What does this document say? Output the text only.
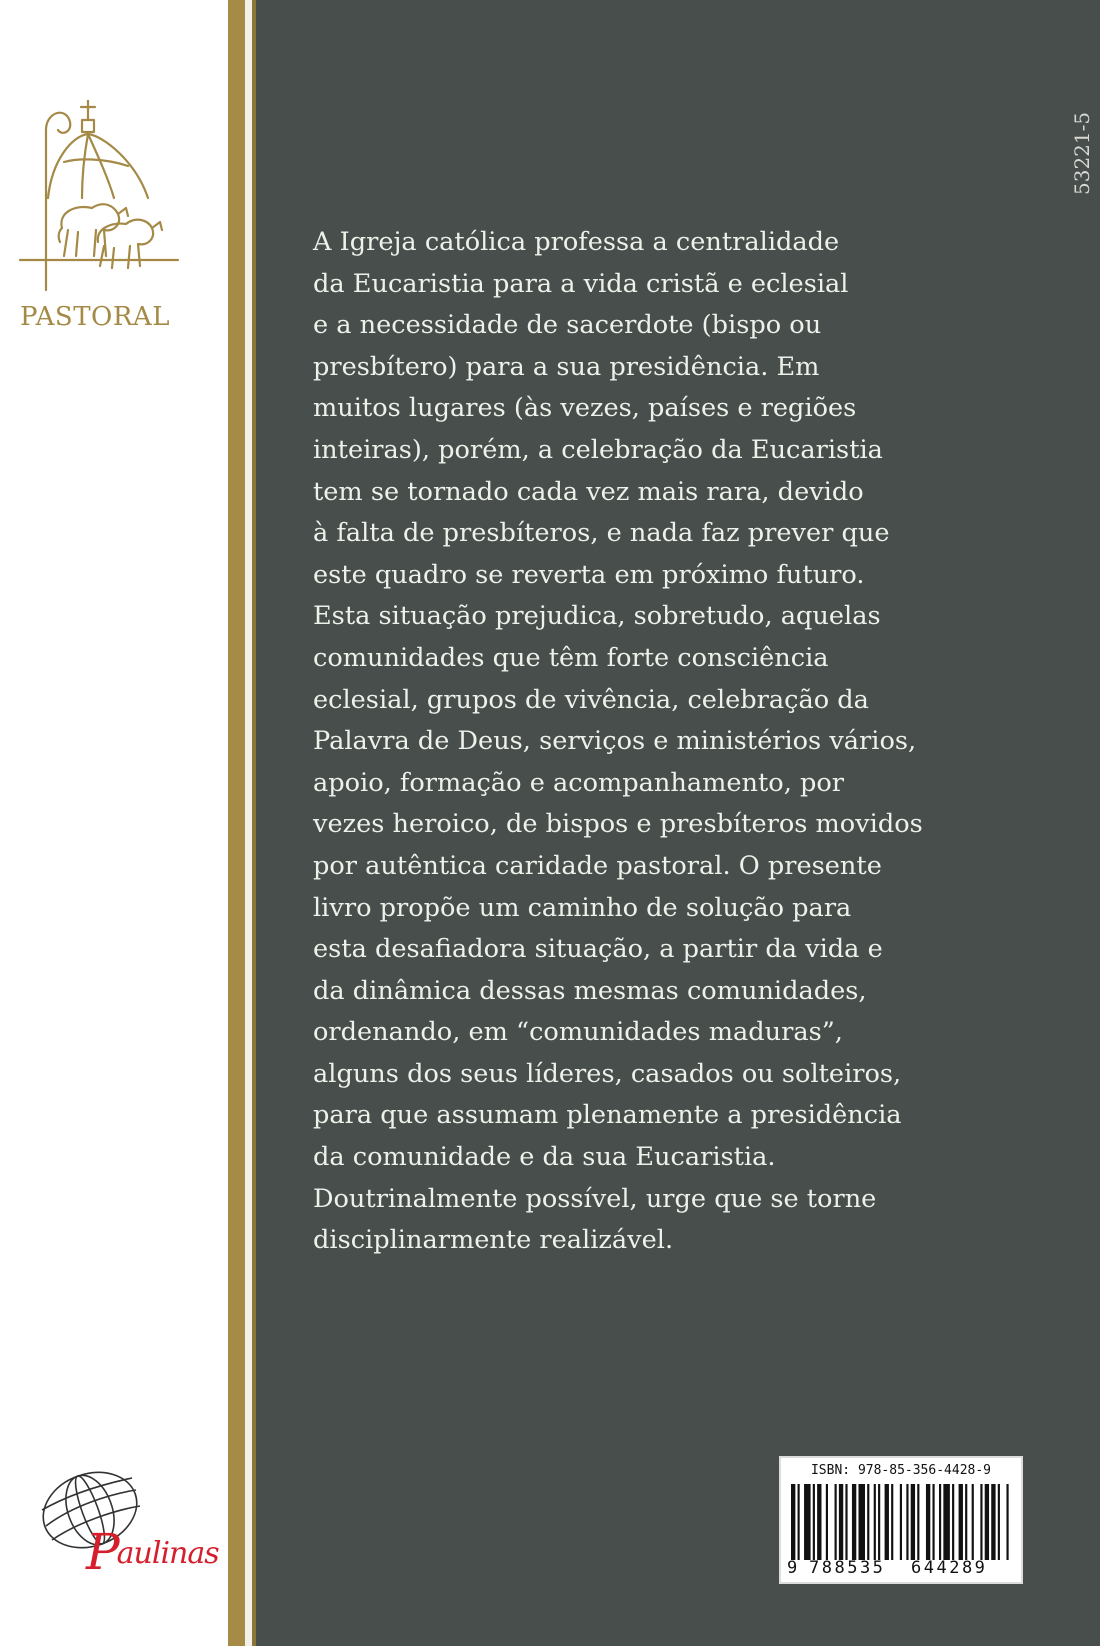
PASTORAL
53221-5
A Igreja católica professa a centralidade
da Eucaristia para a vida cristã e eclesial
e a necessidade de sacerdote (bispo ou
presbítero) para a sua presidência. Em
muitos lugares (às vezes, países e regiões
inteiras), porém, a celebração da Eucaristia
tem se tornado cada vez mais rara, devido
à falta de presbíteros, e nada faz prever que
este quadro se reverta em próximo futuro.
Esta situação prejudica, sobretudo, aquelas
comunidades que têm forte consciência
eclesial, grupos de vivência, celebração da
Palavra de Deus, serviços e ministérios vários,
apoio, formação e acompanhamento, por
vezes heroico, de bispos e presbíteros movidos
por autêntica caridade pastoral. O presente
livro propõe um caminho de solução para
esta desafiadora situação, a partir da vida e
da dinâmica dessas mesmas comunidades,
ordenando, em “comunidades maduras”,
alguns dos seus líderes, casados ou solteiros,
para que assumam plenamente a presidência
da comunidade e da sua Eucaristia.
Doutrinalmente possível, urge que se torne
disciplinarmente realizável.
ISBN: 978-85-356-4428-9
9 788535 644289
Paulinas
